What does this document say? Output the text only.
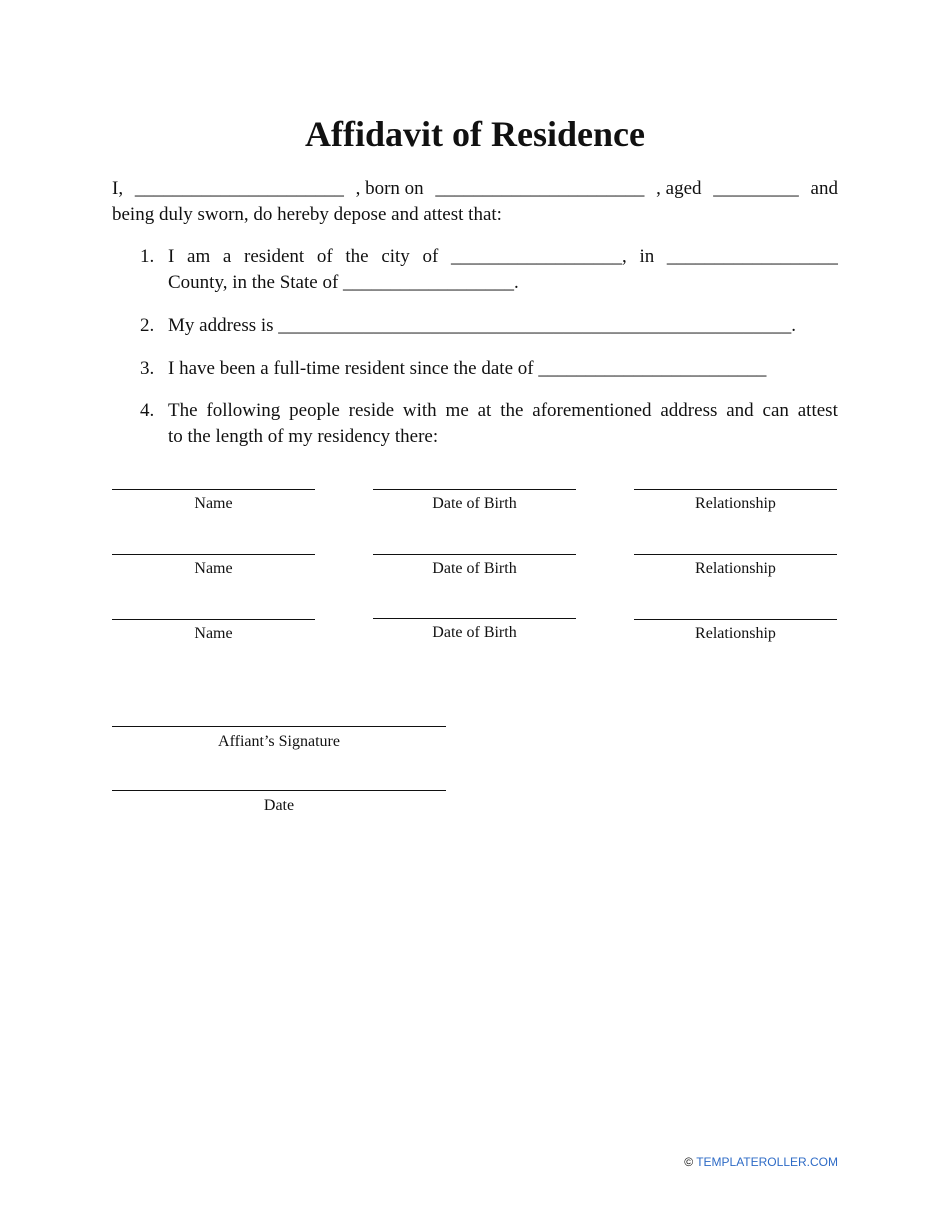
Affidavit of Residence
I, ______________________ , born on ______________________ , aged _________ and
being duly sworn, do hereby depose and attest that:
1. I am a resident of the city of __________________, in __________________
County, in the State of __________________.
2. My address is ______________________________________________________.
3. I have been a full-time resident since the date of ________________________
4. The following people reside with me at the aforementioned address and can attest
to the length of my residency there:
Name	Date of Birth	Relationship
Name	Date of Birth	Relationship
Name	Date of Birth	Relationship
Affiant’s Signature
Date
© TEMPLATEROLLER.COM
